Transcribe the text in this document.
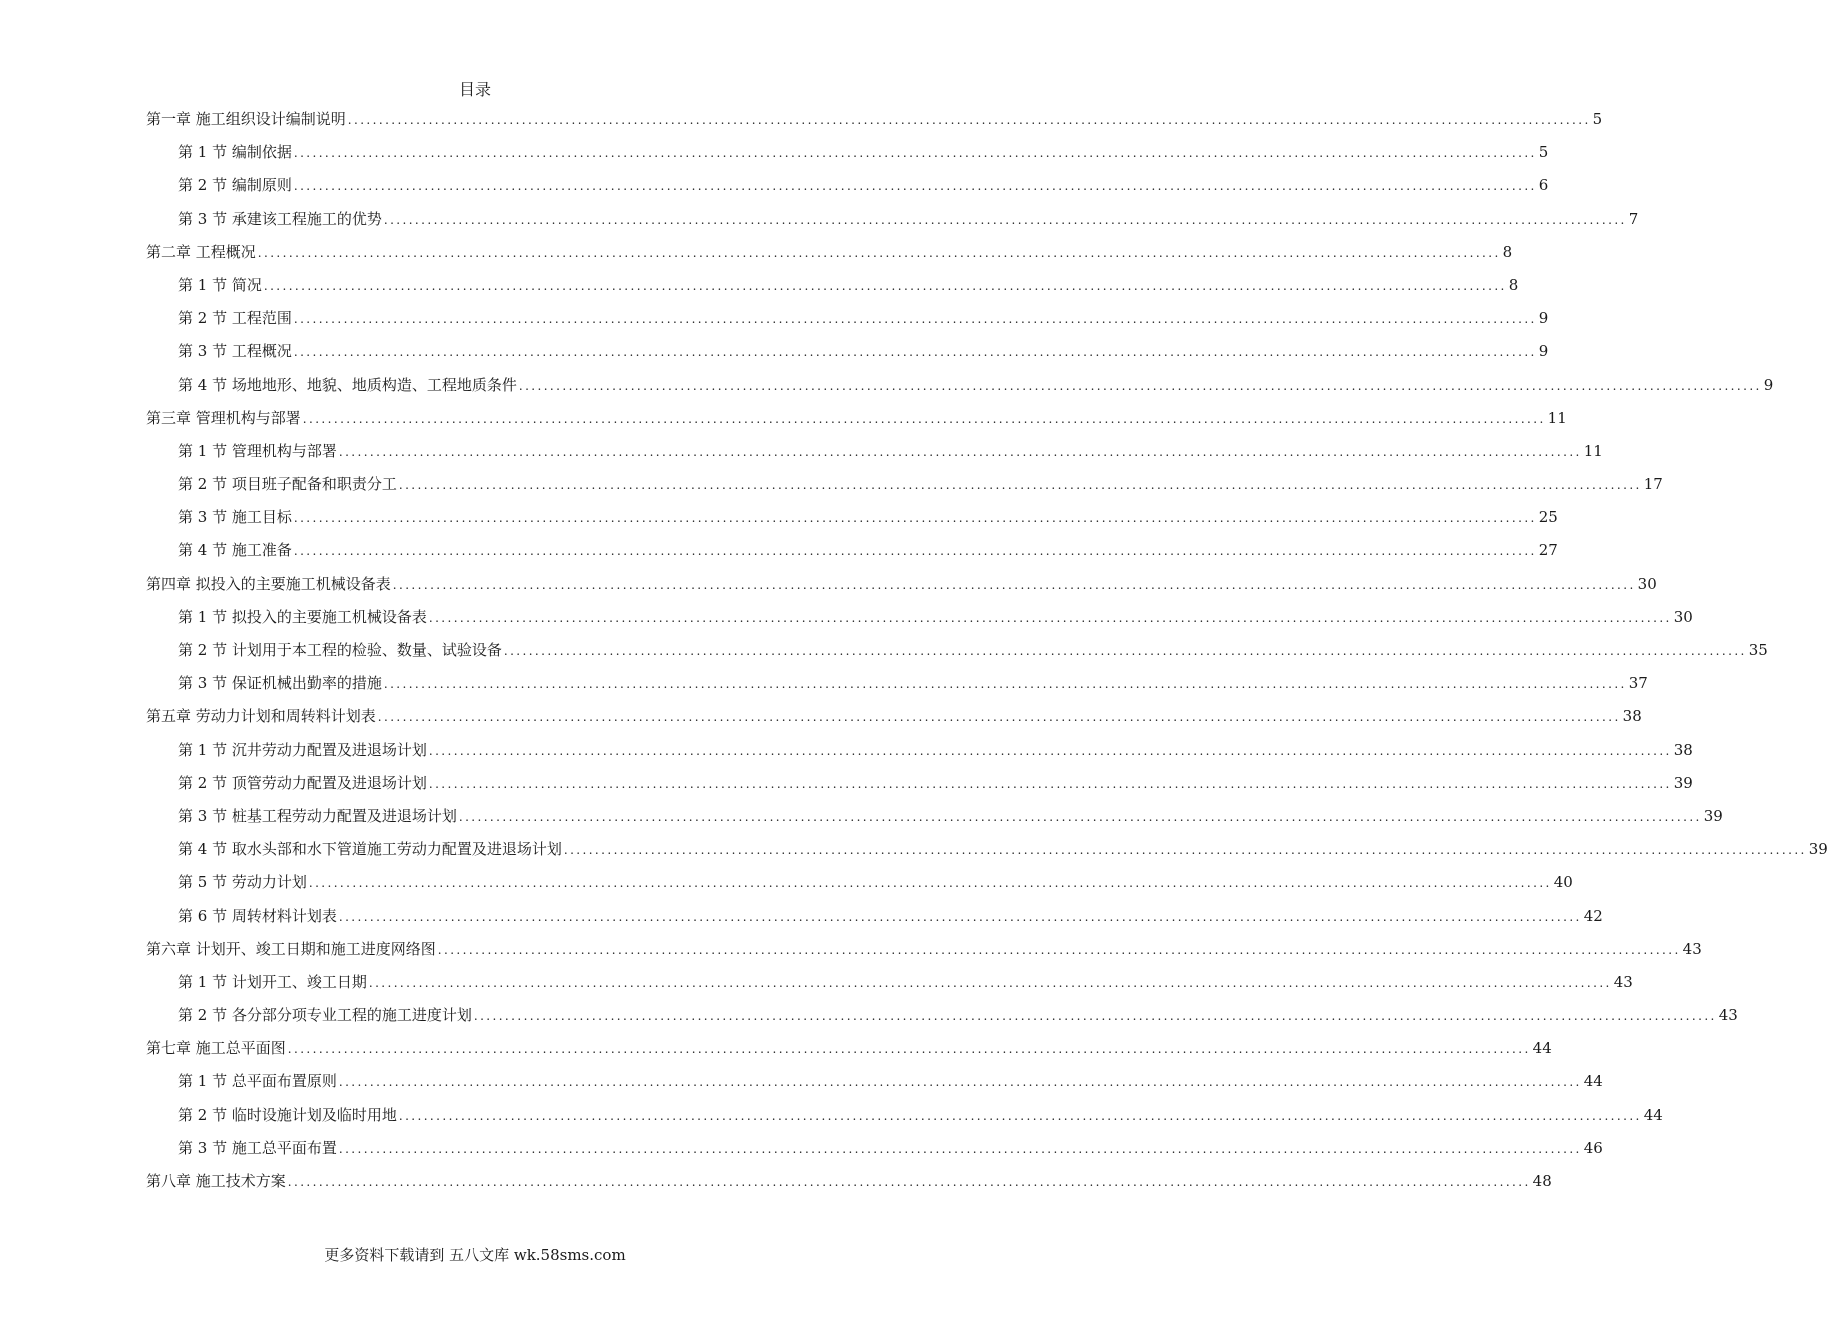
目录
第一章 施工组织设计编制说明 ........................................................................................................................................................................................................ 5
第 1 节 编制依据 ........................................................................................................................................................................................................ 5
第 2 节 编制原则 ........................................................................................................................................................................................................ 6
第 3 节 承建该工程施工的优势 ........................................................................................................................................................................................................ 7
第二章 工程概况 ........................................................................................................................................................................................................ 8
第 1 节 简况 ........................................................................................................................................................................................................ 8
第 2 节 工程范围 ........................................................................................................................................................................................................ 9
第 3 节 工程概况 ........................................................................................................................................................................................................ 9
第 4 节 场地地形、地貌、地质构造、工程地质条件 ........................................................................................................................................................................................................ 9
第三章 管理机构与部署 ........................................................................................................................................................................................................ 11
第 1 节 管理机构与部署 ........................................................................................................................................................................................................ 11
第 2 节 项目班子配备和职责分工 ........................................................................................................................................................................................................ 17
第 3 节 施工目标 ........................................................................................................................................................................................................ 25
第 4 节 施工准备 ........................................................................................................................................................................................................ 27
第四章 拟投入的主要施工机械设备表 ........................................................................................................................................................................................................ 30
第 1 节 拟投入的主要施工机械设备表 ........................................................................................................................................................................................................ 30
第 2 节 计划用于本工程的检验、数量、试验设备 ........................................................................................................................................................................................................ 35
第 3 节 保证机械出勤率的措施 ........................................................................................................................................................................................................ 37
第五章 劳动力计划和周转料计划表 ........................................................................................................................................................................................................ 38
第 1 节 沉井劳动力配置及进退场计划 ........................................................................................................................................................................................................ 38
第 2 节 顶管劳动力配置及进退场计划 ........................................................................................................................................................................................................ 39
第 3 节 桩基工程劳动力配置及进退场计划 ........................................................................................................................................................................................................ 39
第 4 节 取水头部和水下管道施工劳动力配置及进退场计划 ........................................................................................................................................................................................................ 39
第 5 节 劳动力计划 ........................................................................................................................................................................................................ 40
第 6 节 周转材料计划表 ........................................................................................................................................................................................................ 42
第六章 计划开、竣工日期和施工进度网络图 ........................................................................................................................................................................................................ 43
第 1 节 计划开工、竣工日期 ........................................................................................................................................................................................................ 43
第 2 节 各分部分项专业工程的施工进度计划 ........................................................................................................................................................................................................ 43
第七章 施工总平面图 ........................................................................................................................................................................................................ 44
第 1 节 总平面布置原则 ........................................................................................................................................................................................................ 44
第 2 节 临时设施计划及临时用地 ........................................................................................................................................................................................................ 44
第 3 节 施工总平面布置 ........................................................................................................................................................................................................ 46
第八章 施工技术方案 ........................................................................................................................................................................................................ 48
更多资料下载请到 五八文库 wk.58sms.com
